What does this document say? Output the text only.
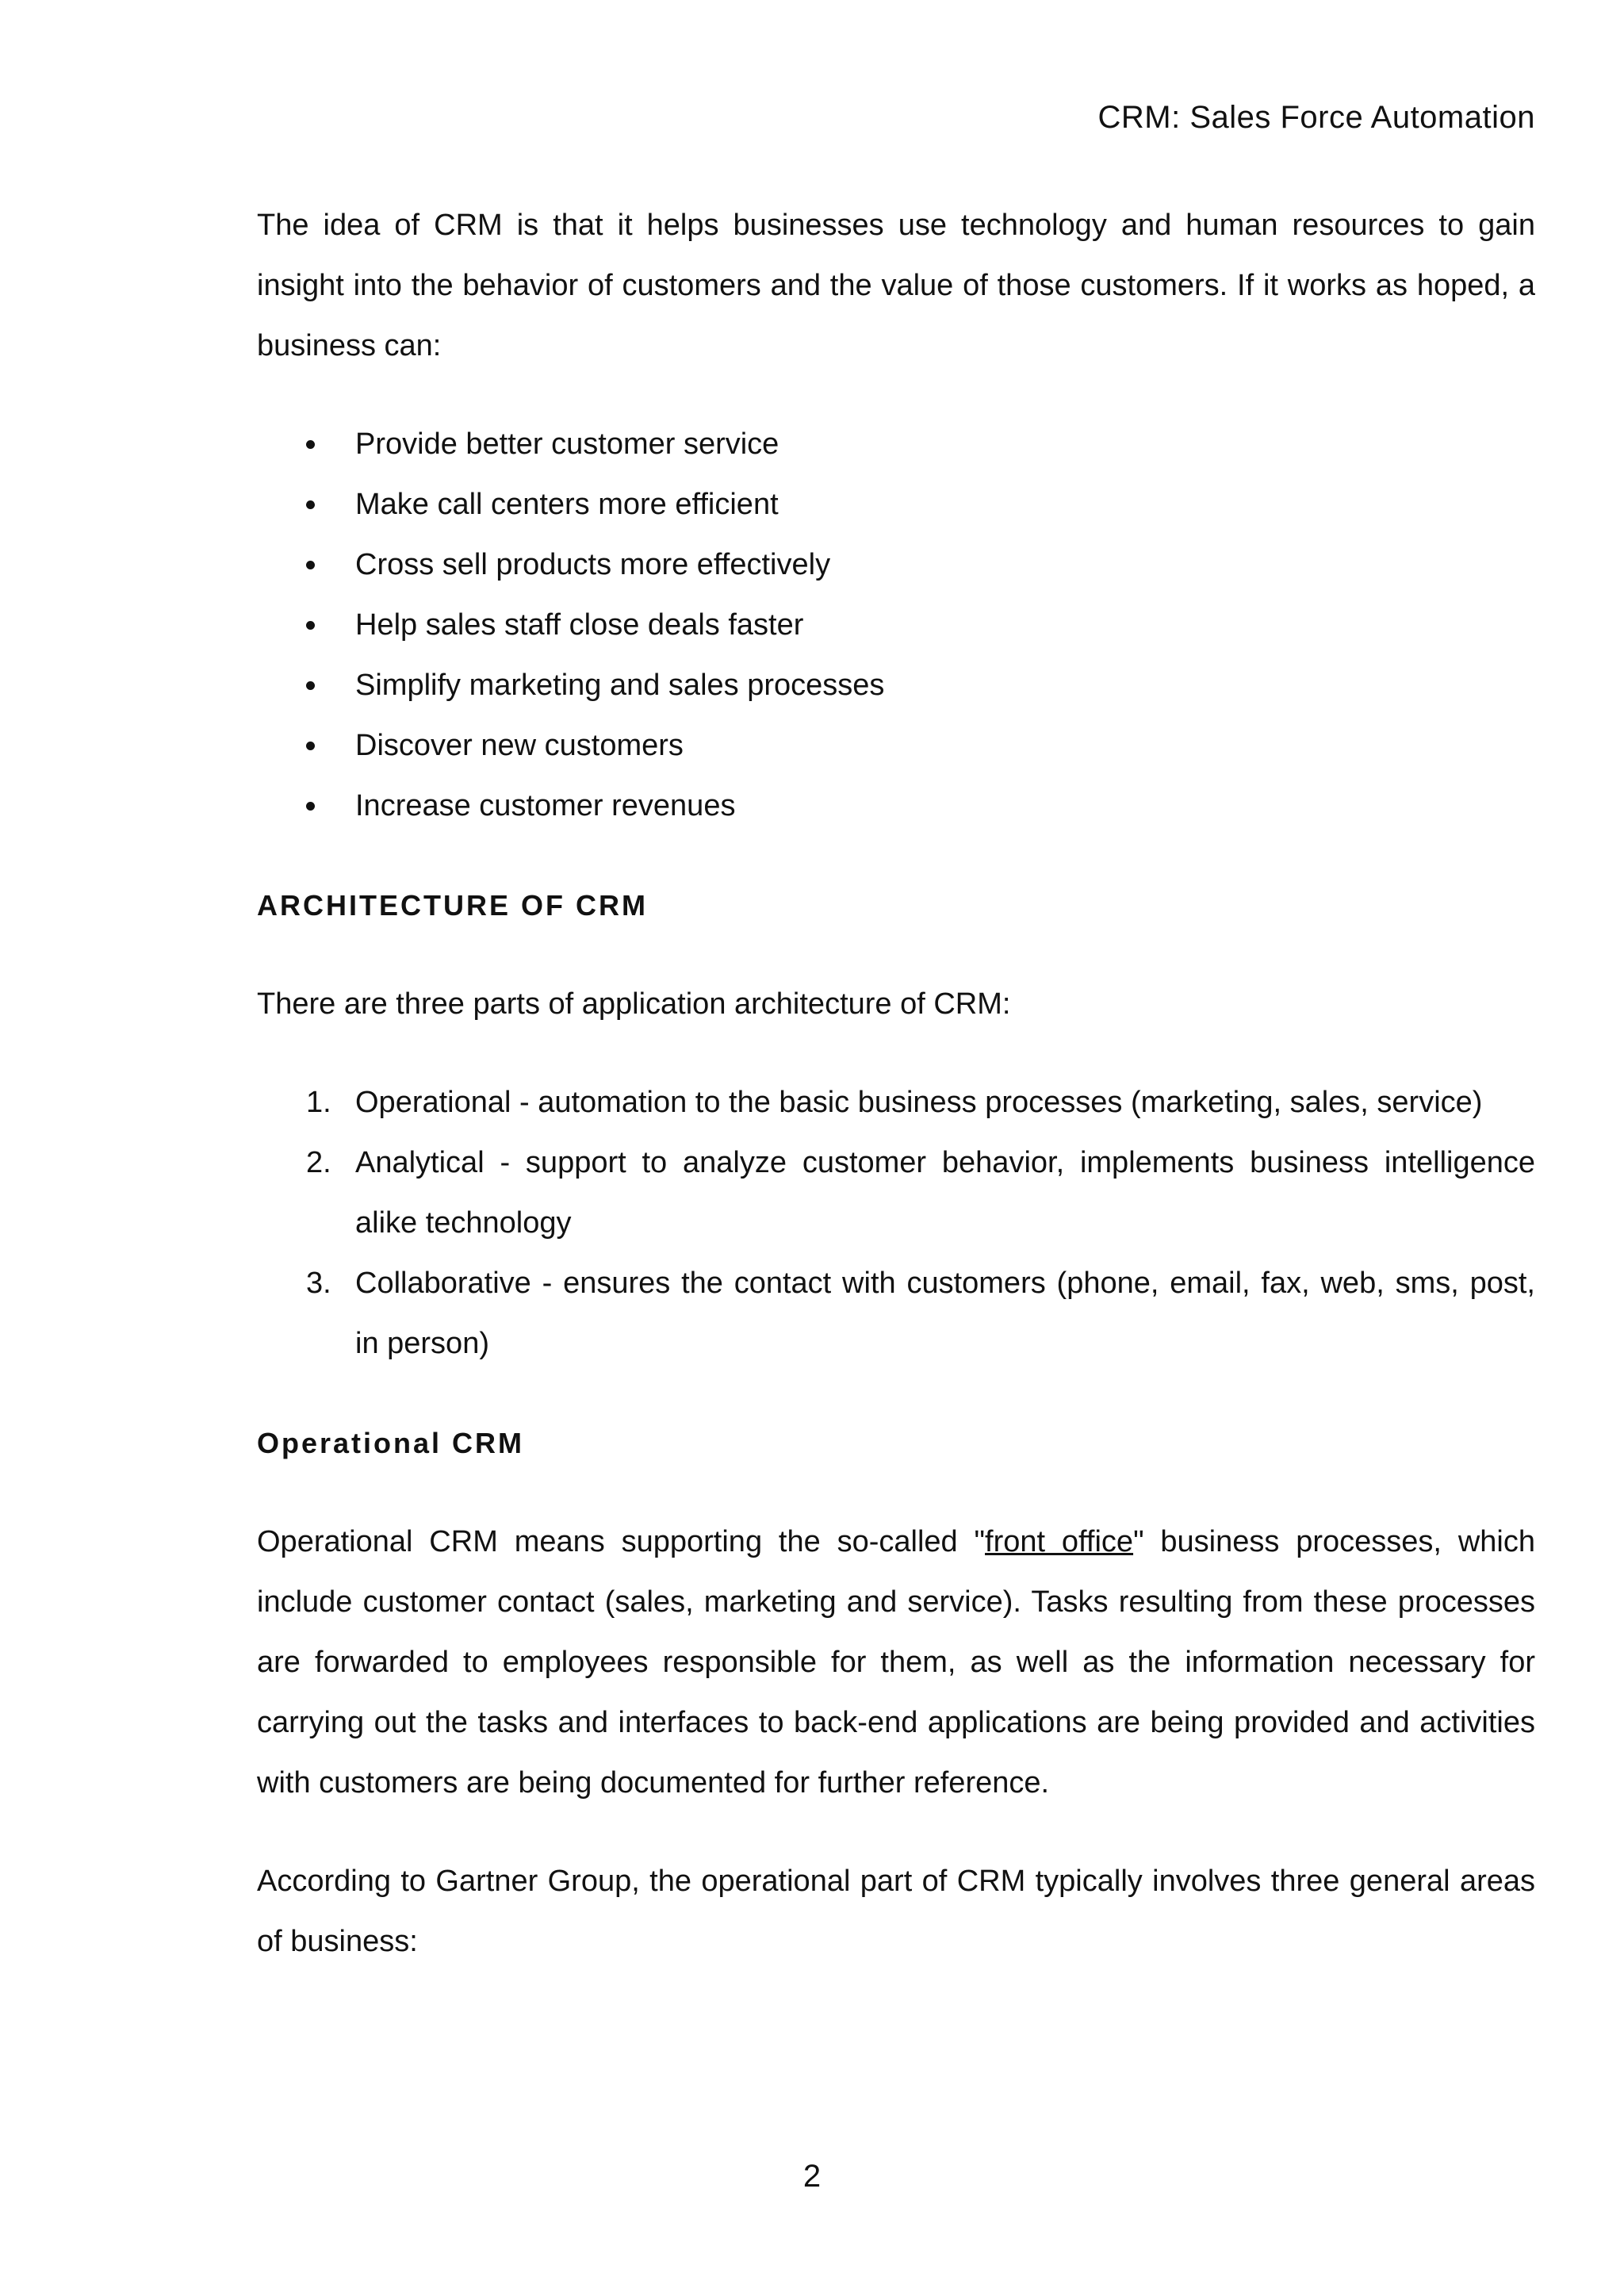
CRM: Sales Force Automation

The idea of CRM is that it helps businesses use technology and human resources to gain insight into the behavior of customers and the value of those customers. If it works as hoped, a business can:

Provide better customer service
Make call centers more efficient
Cross sell products more effectively
Help sales staff close deals faster
Simplify marketing and sales processes
Discover new customers
Increase customer revenues
ARCHITECTURE OF CRM

There are three parts of application architecture of CRM:

1. Operational - automation to the basic business processes (marketing, sales, service)
2. Analytical - support to analyze customer behavior, implements business intelligence alike technology
3. Collaborative - ensures the contact with customers (phone, email, fax, web, sms, post, in person)
Operational CRM

Operational CRM means supporting the so-called "front office" business processes, which include customer contact (sales, marketing and service). Tasks resulting from these processes are forwarded to employees responsible for them, as well as the information necessary for carrying out the tasks and interfaces to back-end applications are being provided and activities with customers are being documented for further reference.

According to Gartner Group, the operational part of CRM typically involves three general areas of business:

2
